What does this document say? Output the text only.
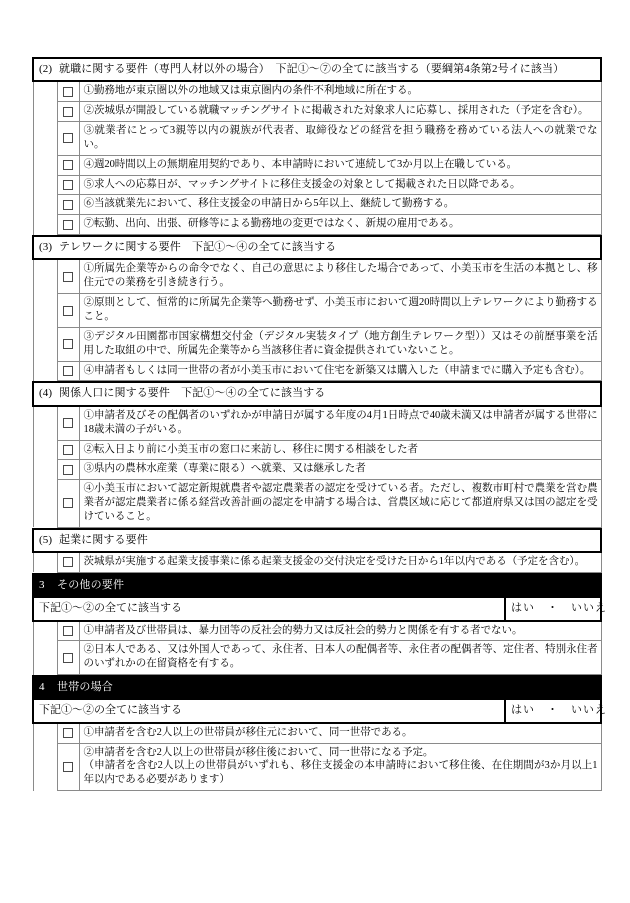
(2) 就職に関する要件（専門人材以外の場合）　下記①～⑦の全てに該当する（要綱第4条第2号イに該当）		

		①勤務地が東京圏以外の地域又は東京圏内の条件不利地域に所在する。

		②茨城県が開設している就職マッチングサイトに掲載された対象求人に応募し、採用された（予定を含む）。

		③就業者にとって3親等以内の親族が代表者、取締役などの経営を担う職務を務めている法人への就業でない。

		④週20時間以上の無期雇用契約であり、本申請時において連続して3か月以上在職している。

		⑤求人への応募日が、マッチングサイトに移住支援金の対象として掲載された日以降である。

		⑥当該就業先において、移住支援金の申請日から5年以上、継続して勤務する。

		⑦転勤、出向、出張、研修等による勤務地の変更ではなく、新規の雇用である。

(3) テレワークに関する要件　下記①～④の全てに該当する		

		①所属先企業等からの命令でなく、自己の意思により移住した場合であって、小美玉市を生活の本拠とし、移住元での業務を引き続き行う。

		②原則として、恒常的に所属先企業等へ勤務せず、小美玉市において週20時間以上テレワークにより勤務すること。

		③デジタル田園都市国家構想交付金（デジタル実装タイプ（地方創生テレワーク型））又はその前歴事業を活用した取組の中で、所属先企業等から当該移住者に資金提供されていないこと。

		④申請者もしくは同一世帯の者が小美玉市において住宅を新築又は購入した（申請までに購入予定も含む）。

(4) 関係人口に関する要件　下記①～④の全てに該当する		

		①申請者及びその配偶者のいずれかが申請日が属する年度の4月1日時点で40歳未満又は申請者が属する世帯に18歳未満の子がいる。

		②転入日より前に小美玉市の窓口に来訪し、移住に関する相談をした者

		③県内の農林水産業（専業に限る）へ就業、又は継承した者

		④小美玉市において認定新規就農者や認定農業者の認定を受けている者。ただし、複数市町村で農業を営む農業者が認定農業者に係る経営改善計画の認定を申請する場合は、営農区域に応じて都道府県又は国の認定を受けていること。

(5) 起業に関する要件

茨城県が実施する起業支援事業に係る起業支援金の交付決定を受けた日から1年以内である（予定を含む）。

3 その他の要件			
下記①～②の全てに該当する			はい　・　いいえ

		①申請者及び世帯員は、暴力団等の反社会的勢力又は反社会的勢力と関係を有する者でない。	

		②日本人である、又は外国人であって、永住者、日本人の配偶者等、永住者の配偶者等、定住者、特別永住者のいずれかの在留資格を有する。	

4 世帯の場合			
下記①～②の全てに該当する			はい　・　いいえ

		①申請者を含む2人以上の世帯員が移住元において、同一世帯である。	

		②申請者を含む2人以上の世帯員が移住後において、同一世帯になる予定。

（申請者を含む2人以上の世帯員がいずれも、移住支援金の本申請時において移住後、在住期間が3か月以上1年以内である必要があります）	
